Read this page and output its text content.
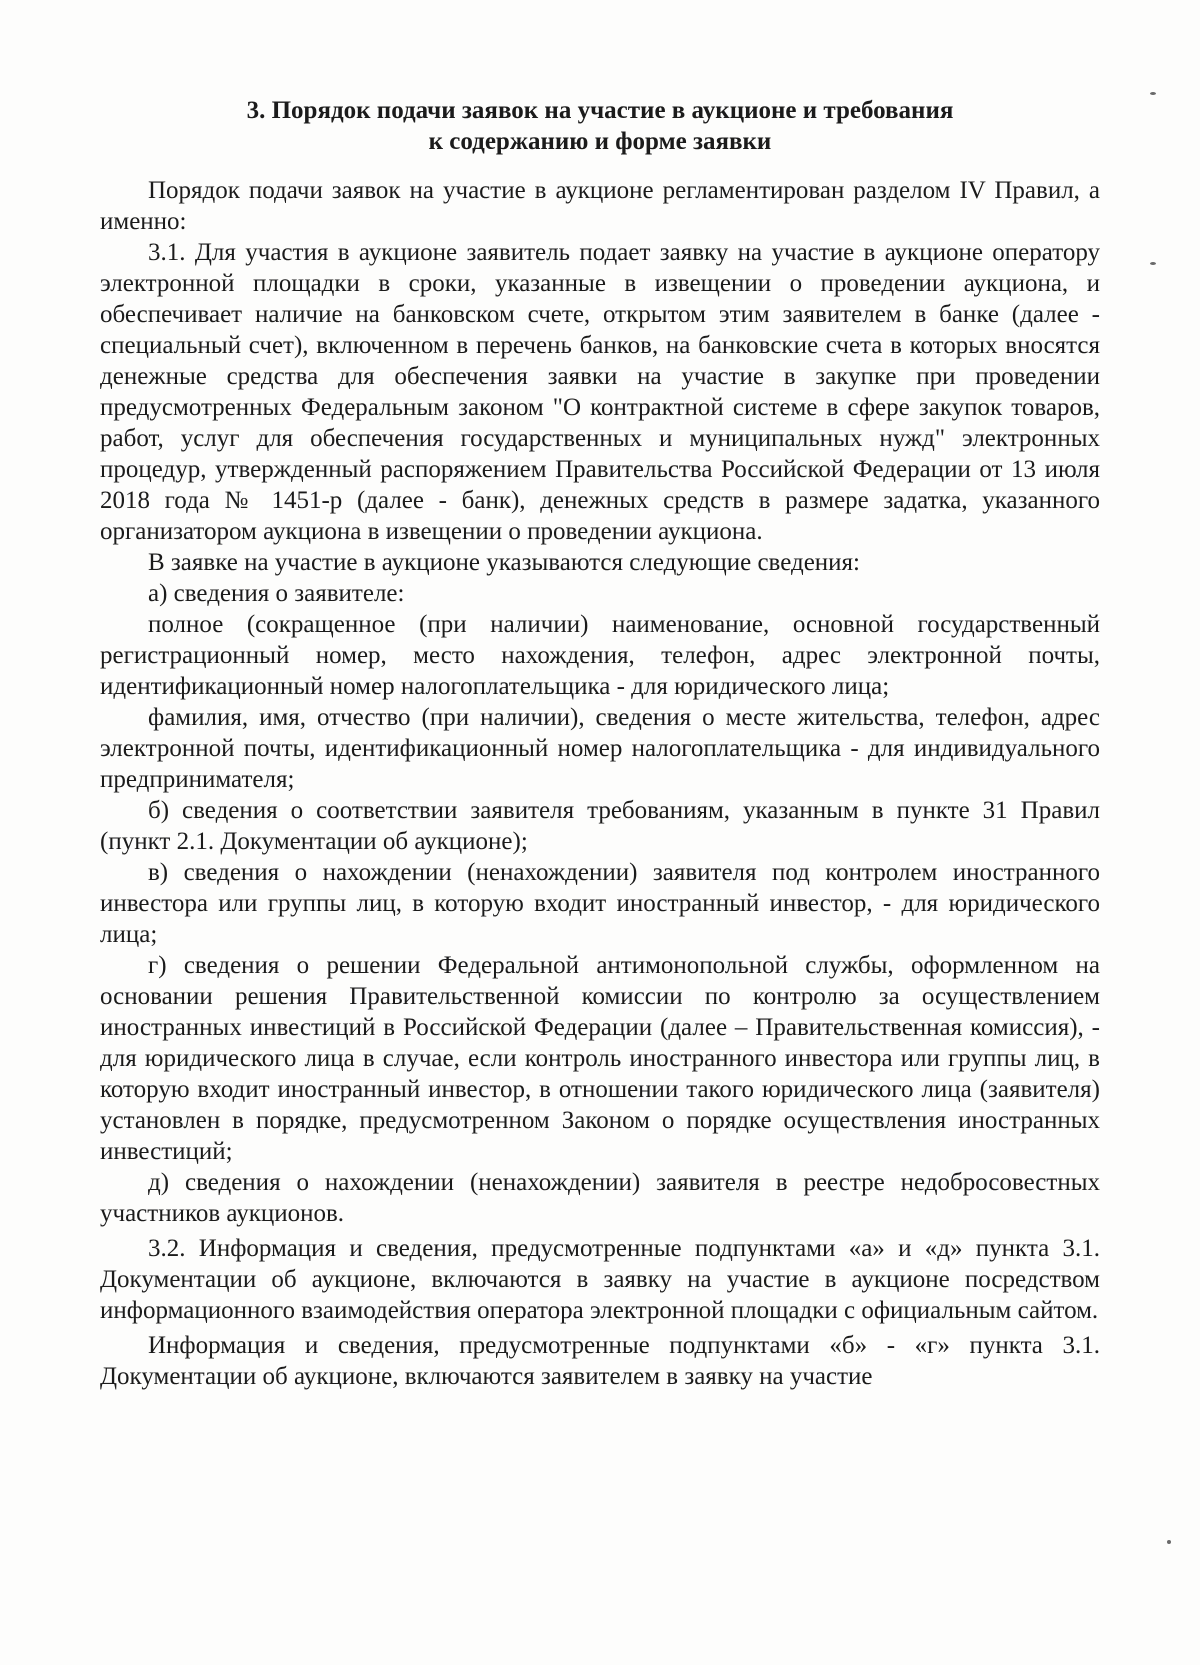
3. Порядок подачи заявок на участие в аукционе и требования
к содержанию и форме заявки

Порядок подачи заявок на участие в аукционе регламентирован разделом IV Правил, а именно:

3.1. Для участия в аукционе заявитель подает заявку на участие в аукционе оператору электронной площадки в сроки, указанные в извещении о проведении аукциона, и обеспечивает наличие на банковском счете, открытом этим заявителем в банке (далее - специальный счет), включенном в перечень банков, на банковские счета в которых вносятся денежные средства для обеспечения заявки на участие в закупке при проведении предусмотренных Федеральным законом "О контрактной системе в сфере закупок товаров, работ, услуг для обеспечения государственных и муниципальных нужд" электронных процедур, утвержденный распоряжением Правительства Российской Федерации от 13 июля 2018 года № 1451-р (далее - банк), денежных средств в размере задатка, указанного организатором аукциона в извещении о проведении аукциона.

В заявке на участие в аукционе указываются следующие сведения:

а) сведения о заявителе:

полное (сокращенное (при наличии) наименование, основной государственный регистрационный номер, место нахождения, телефон, адрес электронной почты, идентификационный номер налогоплательщика - для юридического лица;

фамилия, имя, отчество (при наличии), сведения о месте жительства, телефон, адрес электронной почты, идентификационный номер налогоплательщика - для индивидуального предпринимателя;

б) сведения о соответствии заявителя требованиям, указанным в пункте 31 Правил (пункт 2.1. Документации об аукционе);

в) сведения о нахождении (ненахождении) заявителя под контролем иностранного инвестора или группы лиц, в которую входит иностранный инвестор, - для юридического лица;

г) сведения о решении Федеральной антимонопольной службы, оформленном на основании решения Правительственной комиссии по контролю за осуществлением иностранных инвестиций в Российской Федерации (далее – Правительственная комиссия), - для юридического лица в случае, если контроль иностранного инвестора или группы лиц, в которую входит иностранный инвестор, в отношении такого юридического лица (заявителя) установлен в порядке, предусмотренном Законом о порядке осуществления иностранных инвестиций;

д) сведения о нахождении (ненахождении) заявителя в реестре недобросовестных участников аукционов.

3.2. Информация и сведения, предусмотренные подпунктами «а» и «д» пункта 3.1. Документации об аукционе, включаются в заявку на участие в аукционе посредством информационного взаимодействия оператора электронной площадки с официальным сайтом.

Информация и сведения, предусмотренные подпунктами «б» - «г» пункта 3.1. Документации об аукционе, включаются заявителем в заявку на участие
